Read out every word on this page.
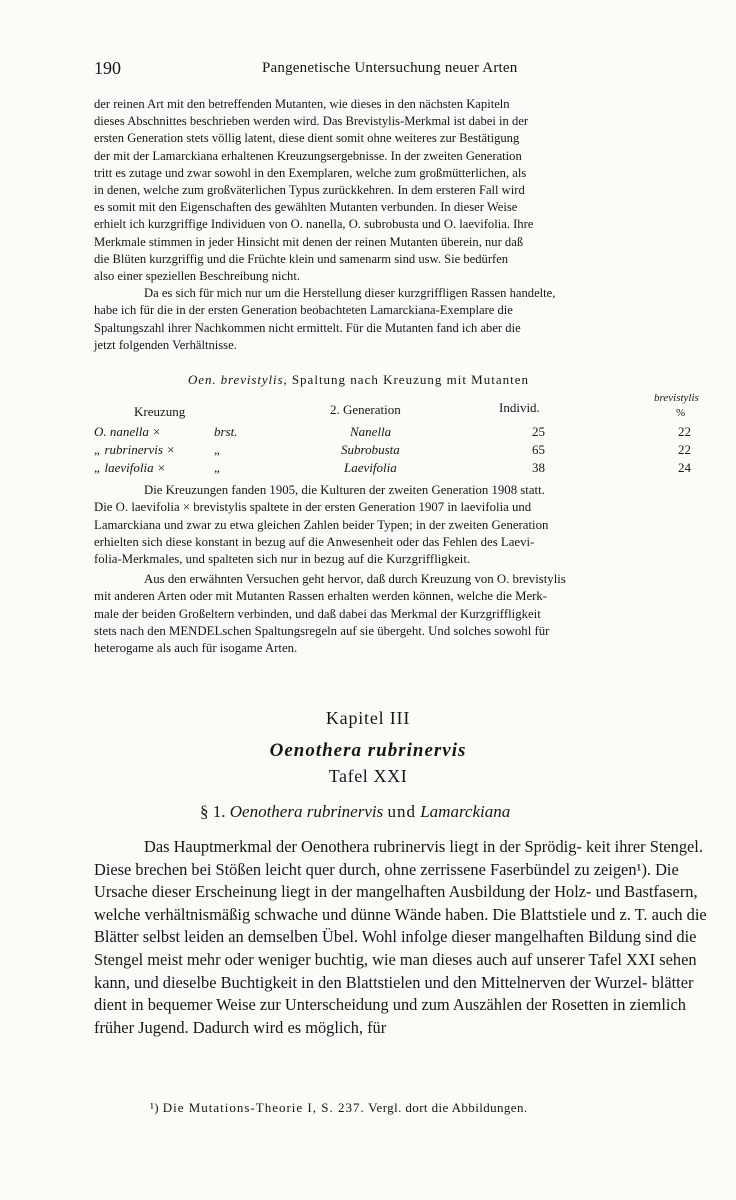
190	Pangenetische Untersuchung neuer Arten
der reinen Art mit den betreffenden Mutanten, wie dieses in den nächsten Kapiteln
dieses Abschnittes beschrieben werden wird. Das Brevistylis-Merkmal ist dabei in der
ersten Generation stets völlig latent, diese dient somit ohne weiteres zur Bestätigung
der mit der Lamarckiana erhaltenen Kreuzungsergebnisse. In der zweiten Generation
tritt es zutage und zwar sowohl in den Exemplaren, welche zum großmütterlichen, als
in denen, welche zum großväterlichen Typus zurückkehren. In dem ersteren Fall wird
es somit mit den Eigenschaften des gewählten Mutanten verbunden. In dieser Weise
erhielt ich kurzgriffige Individuen von O. nanella, O. subrobusta und O. laevifolia. Ihre
Merkmale stimmen in jeder Hinsicht mit denen der reinen Mutanten überein, nur daß
die Blüten kurzgriffig und die Früchte klein und samenarm sind usw. Sie bedürfen
also einer speziellen Beschreibung nicht.
Da es sich für mich nur um die Herstellung dieser kurzgriffligen Rassen handelte,
habe ich für die in der ersten Generation beobachteten Lamarckiana-Exemplare die
Spaltungszahl ihrer Nachkommen nicht ermittelt. Für die Mutanten fand ich aber die
jetzt folgenden Verhältnisse.
Oen. brevistylis, Spaltung nach Kreuzung mit Mutanten
Kreuzung	2. Generation	Individ.
brevistylis
%
O. nanella ×	brst.	Nanella	25	22
„ rubrinervis ×	„	Subrobusta	65	22
„ laevifolia ×	„	Laevifolia	38	24
Die Kreuzungen fanden 1905, die Kulturen der zweiten Generation 1908 statt.
Die O. laevifolia × brevistylis spaltete in der ersten Generation 1907 in laevifolia und
Lamarckiana und zwar zu etwa gleichen Zahlen beider Typen; in der zweiten Generation
erhielten sich diese konstant in bezug auf die Anwesenheit oder das Fehlen des Laevi-
folia-Merkmales, und spalteten sich nur in bezug auf die Kurzgriffligkeit.
Aus den erwähnten Versuchen geht hervor, daß durch Kreuzung von O. brevistylis
mit anderen Arten oder mit Mutanten Rassen erhalten werden können, welche die Merk-
male der beiden Großeltern verbinden, und daß dabei das Merkmal der Kurzgriffligkeit
stets nach den MENDELschen Spaltungsregeln auf sie übergeht. Und solches sowohl für
heterogame als auch für isogame Arten.
Kapitel III
Oenothera rubrinervis
Tafel XXI
§ 1. Oenothera rubrinervis und Lamarckiana
Das Hauptmerkmal der Oenothera rubrinervis liegt in der Sprödig- keit ihrer Stengel. Diese brechen bei Stößen leicht quer durch, ohne zerrissene Faserbündel zu zeigen¹). Die Ursache dieser Erscheinung liegt in der mangelhaften Ausbildung der Holz- und Bastfasern, welche verhältnismäßig schwache und dünne Wände haben. Die Blattstiele und z. T. auch die Blätter selbst leiden an demselben Übel. Wohl infolge dieser mangelhaften Bildung sind die Stengel meist mehr oder weniger buchtig, wie man dieses auch auf unserer Tafel XXI sehen kann, und dieselbe Buchtigkeit in den Blattstielen und den Mittelnerven der Wurzel- blätter dient in bequemer Weise zur Unterscheidung und zum Auszählen der Rosetten in ziemlich früher Jugend. Dadurch wird es möglich, für
¹) Die Mutations-Theorie I, S. 237. Vergl. dort die Abbildungen.
